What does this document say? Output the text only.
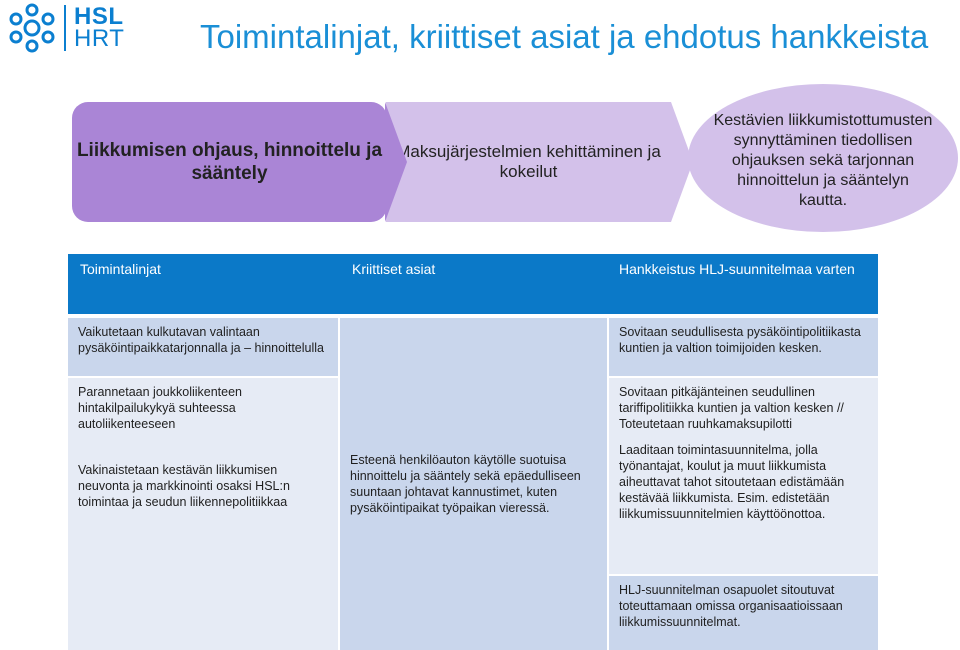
HSL
HRT Toimintalinjat, kriittiset asiat ja ehdotus hankkeista
Liikkumisen ohjaus, hinnoittelu ja sääntely
Maksujärjestelmien kehittäminen ja kokeilut
Kestävien liikkumistottumusten synnyttäminen tiedollisen ohjauksen sekä tarjonnan hinnoittelun ja sääntelyn kautta.
Toimintalinjat	Kriittiset asiat	Hankkeistus HLJ-suunnitelmaa varten
Vaikutetaan kulkutavan valintaan pysäköintipaikkatarjonnalla ja – hinnoittelulla

Parannetaan joukkoliikenteen hintakilpailukykyä suhteessa autoliikenteeseen

Vakinaistetaan kestävän liikkumisen neuvonta ja markkinointi osaksi HSL:n toimintaa ja seudun liikennepolitiikkaa

Esteenä henkilöauton käytölle suotuisa hinnoittelu ja sääntely sekä epäedulliseen suuntaan johtavat kannustimet, kuten pysäköintipaikat työpaikan vieressä.
Sovitaan seudullisesta pysäköintipolitiikasta kuntien ja valtion toimijoiden kesken.

Sovitaan pitkäjänteinen seudullinen tariffipolitiikka kuntien ja valtion kesken //

Toteutetaan ruuhkamaksupilotti

Laaditaan toimintasuunnitelma, jolla työnantajat, koulut ja muut liikkumista aiheuttavat tahot sitoutetaan edistämään kestävää liikkumista. Esim. edistetään liikkumissuunnitelmien käyttöönottoa.

HLJ-suunnitelman osapuolet sitoutuvat toteuttamaan omissa organisaatioissaan liikkumissuunnitelmat.
